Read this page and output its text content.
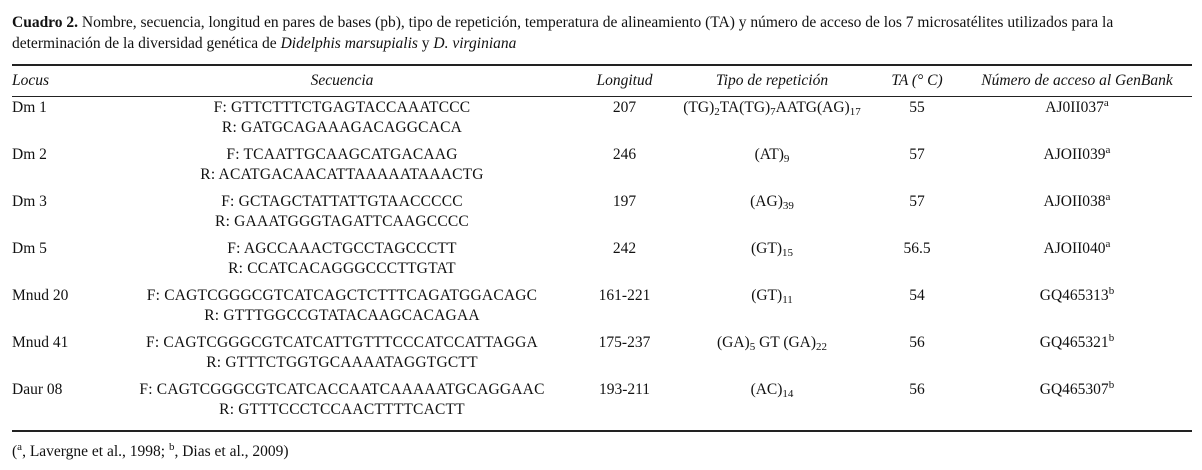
Cuadro 2. Nombre, secuencia, longitud en pares de bases (pb), tipo de repetición, temperatura de alineamiento (TA) y número de acceso de los 7 microsatélites utilizados para la determinación de la diversidad genética de Didelphis marsupialis y D. virginiana
Locus	Secuencia	Longitud	Tipo de repetición	TA (° C)	Número de acceso al GenBank

Dm 1	F: GTTCTTTCTGAGTACCAAATCCC
R: GATGCAGAAAGACAGGCACA	207	$(TG)_2TA(TG)_7AATG(AG)_{17}$	55	AJ0II037$^a$

Dm 2	F: TCAATTGCAAGCATGACAAG
R: ACATGACAACATTAAAAATAAACTG	246	$(AT)_9$	57	AJOII039$^a$

Dm 3	F: GCTAGCTATTATTGTAACCCCC
R: GAAATGGGTAGATTCAAGCCCC	197	$(AG)_{39}$	57	AJOII038$^a$

Dm 5	F: AGCCAAACTGCCTAGCCCTT
R: CCATCACAGGGCCCTTGTAT	242	$(GT)_{15}$	56.5	AJOII040$^a$

Mnud 20	F: CAGTCGGGCGTCATCAGCTCTTTCAGATGGACAGC
R: GTTTGGCCGTATACAAGCACAGAA	161-221	$(GT)_{11}$	54	GQ465313$^b$

Mnud 41	F: CAGTCGGGCGTCATCATTGTTTCCCATCCATTAGGA
R: GTTTCTGGTGCAAAATAGGTGCTT	175-237	$(GA)_5$ GT $(GA)_{22}$	56	GQ465321$^b$

Daur 08	F: CAGTCGGGCGTCATCACCAATCAAAAATGCAGGAAC
R: GTTTCCCTCCAACTTTTCACTT	193-211	$(AC)_{14}$	56	GQ465307$^b$
($^a$, Lavergne et al., 1998; $^b$, Dias et al., 2009)
